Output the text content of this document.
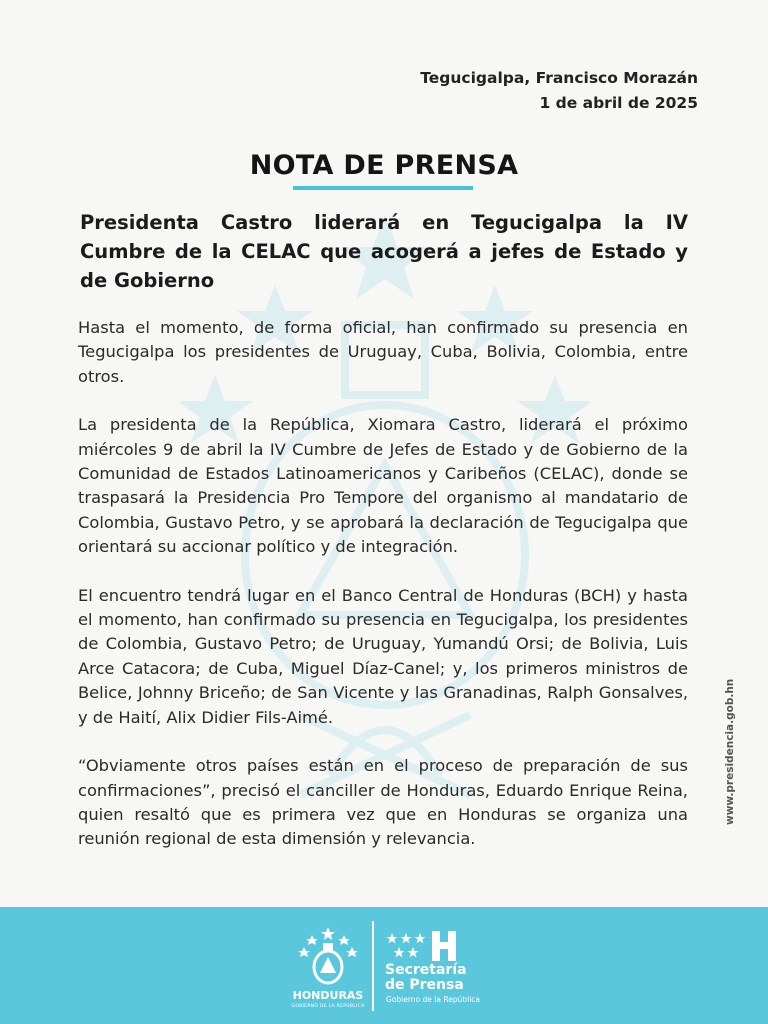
Tegucigalpa, Francisco Morazán
1 de abril de 2025
NOTA DE PRENSA
Presidenta Castro liderará en Tegucigalpa la IV Cumbre de la CELAC que acogerá a jefes de Estado y de Gobierno

Hasta el momento, de forma oficial, han confirmado su presencia en Tegucigalpa los presidentes de Uruguay, Cuba, Bolivia, Colombia, entre otros.

La presidenta de la República, Xiomara Castro, liderará el próximo miércoles 9 de abril la IV Cumbre de Jefes de Estado y de Gobierno de la Comunidad de Estados Latinoamericanos y Caribeños (CELAC), donde se traspasará la Presidencia Pro Tempore del organismo al mandatario de Colombia, Gustavo Petro, y se aprobará la declaración de Tegucigalpa que orientará su accionar político y de integración.

El encuentro tendrá lugar en el Banco Central de Honduras (BCH) y hasta el momento, han confirmado su presencia en Tegucigalpa, los presidentes de Colombia, Gustavo Petro; de Uruguay, Yumandú Orsi; de Bolivia, Luis Arce Catacora; de Cuba, Miguel Díaz-Canel; y, los primeros ministros de Belice, Johnny Briceño; de San Vicente y las Granadinas, Ralph Gonsalves, y de Haití, Alix Didier Fils-Aimé.

“Obviamente otros países están en el proceso de preparación de sus confirmaciones”, precisó el canciller de Honduras, Eduardo Enrique Reina, quien resaltó que es primera vez que en Honduras se organiza una reunión regional de esta dimensión y relevancia.

www.presidencia.gob.hn
HONDURAS
GOBIERNO DE LA REPÚBLICA
Secretaría
de Prensa
Gobierno de la República
